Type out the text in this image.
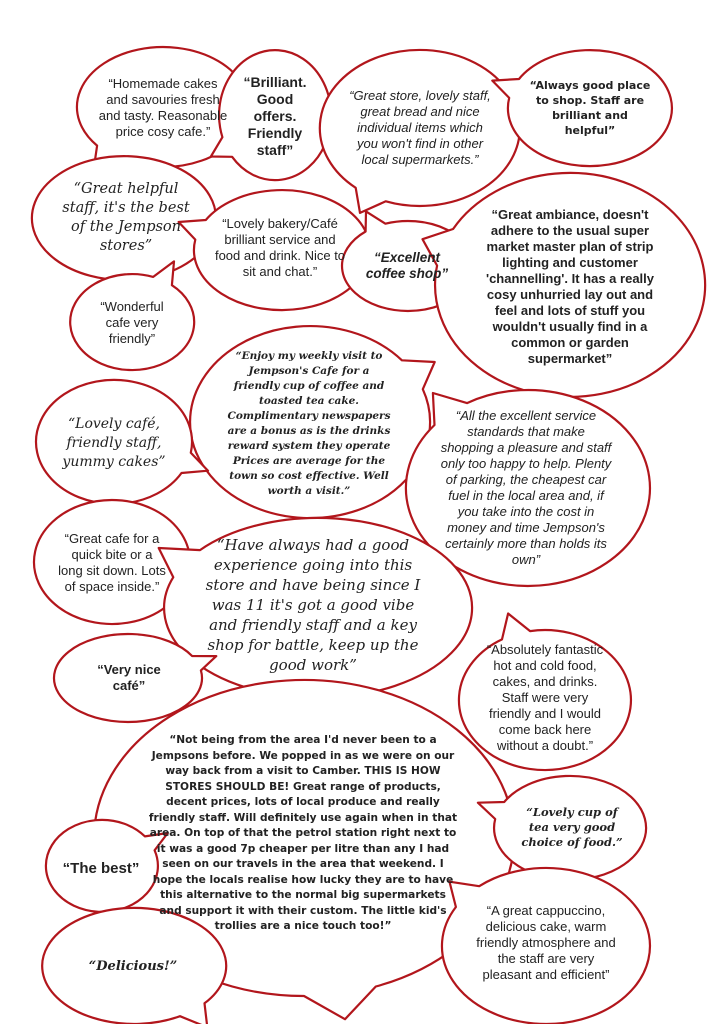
“Homemade cakes and savouries fresh and tasty. Reasonable price cosy cafe.”
“Brilliant. Good offers. Friendly staff”
“Great store, lovely staff, great bread and nice individual items which you won't find in other local supermarkets.”
“Always good place to shop. Staff are brilliant and helpful”
“Great helpful staff, it's the best of the Jempson stores”
“Lovely bakery/Café brilliant service and food and drink. Nice to sit and chat.”
“Excellent coffee shop”
“Great ambiance, doesn't adhere to the usual super market master plan of strip lighting and customer 'channelling'. It has a really cosy unhurried lay out and feel and lots of stuff you wouldn't usually find in a common or garden supermarket”
“Wonderful cafe very friendly”
“Enjoy my weekly visit to Jempson's Cafe for a friendly cup of coffee and toasted tea cake. Complimentary newspapers are a bonus as is the drinks reward system they operate Prices are average for the town so cost effective. Well worth a visit.”
“Lovely café, friendly staff, yummy cakes”
“All the excellent service standards that make shopping a pleasure and staff only too happy to help. Plenty of parking, the cheapest car fuel in the local area and, if you take into the cost in money and time Jempson's certainly more than holds its own”
“Great cafe for a quick bite or a long sit down. Lots of space inside.”
“Have always had a good experience going into this store and have being since I was 11 it's got a good vibe and friendly staff and a key shop for battle, keep up the good work”
“Very nice café”
“Absolutely fantastic hot and cold food, cakes, and drinks. Staff were very friendly and I would come back here without a doubt.”
“Not being from the area I'd never been to a Jempsons before. We popped in as we were on our way back from a visit to Camber. THIS IS HOW STORES SHOULD BE! Great range of products, decent prices, lots of local produce and really friendly staff. Will definitely use again when in that area. On top of that the petrol station right next to it was a good 7p cheaper per litre than any I had seen on our travels in the area that weekend. I hope the locals realise how lucky they are to have this alternative to the normal big supermarkets and support it with their custom. The little kid's trollies are a nice touch too!”
“Lovely cup of tea very good choice of food.”
“The best”
“A great cappuccino, delicious cake, warm friendly atmosphere and the staff are very pleasant and efficient”
“Delicious!”
